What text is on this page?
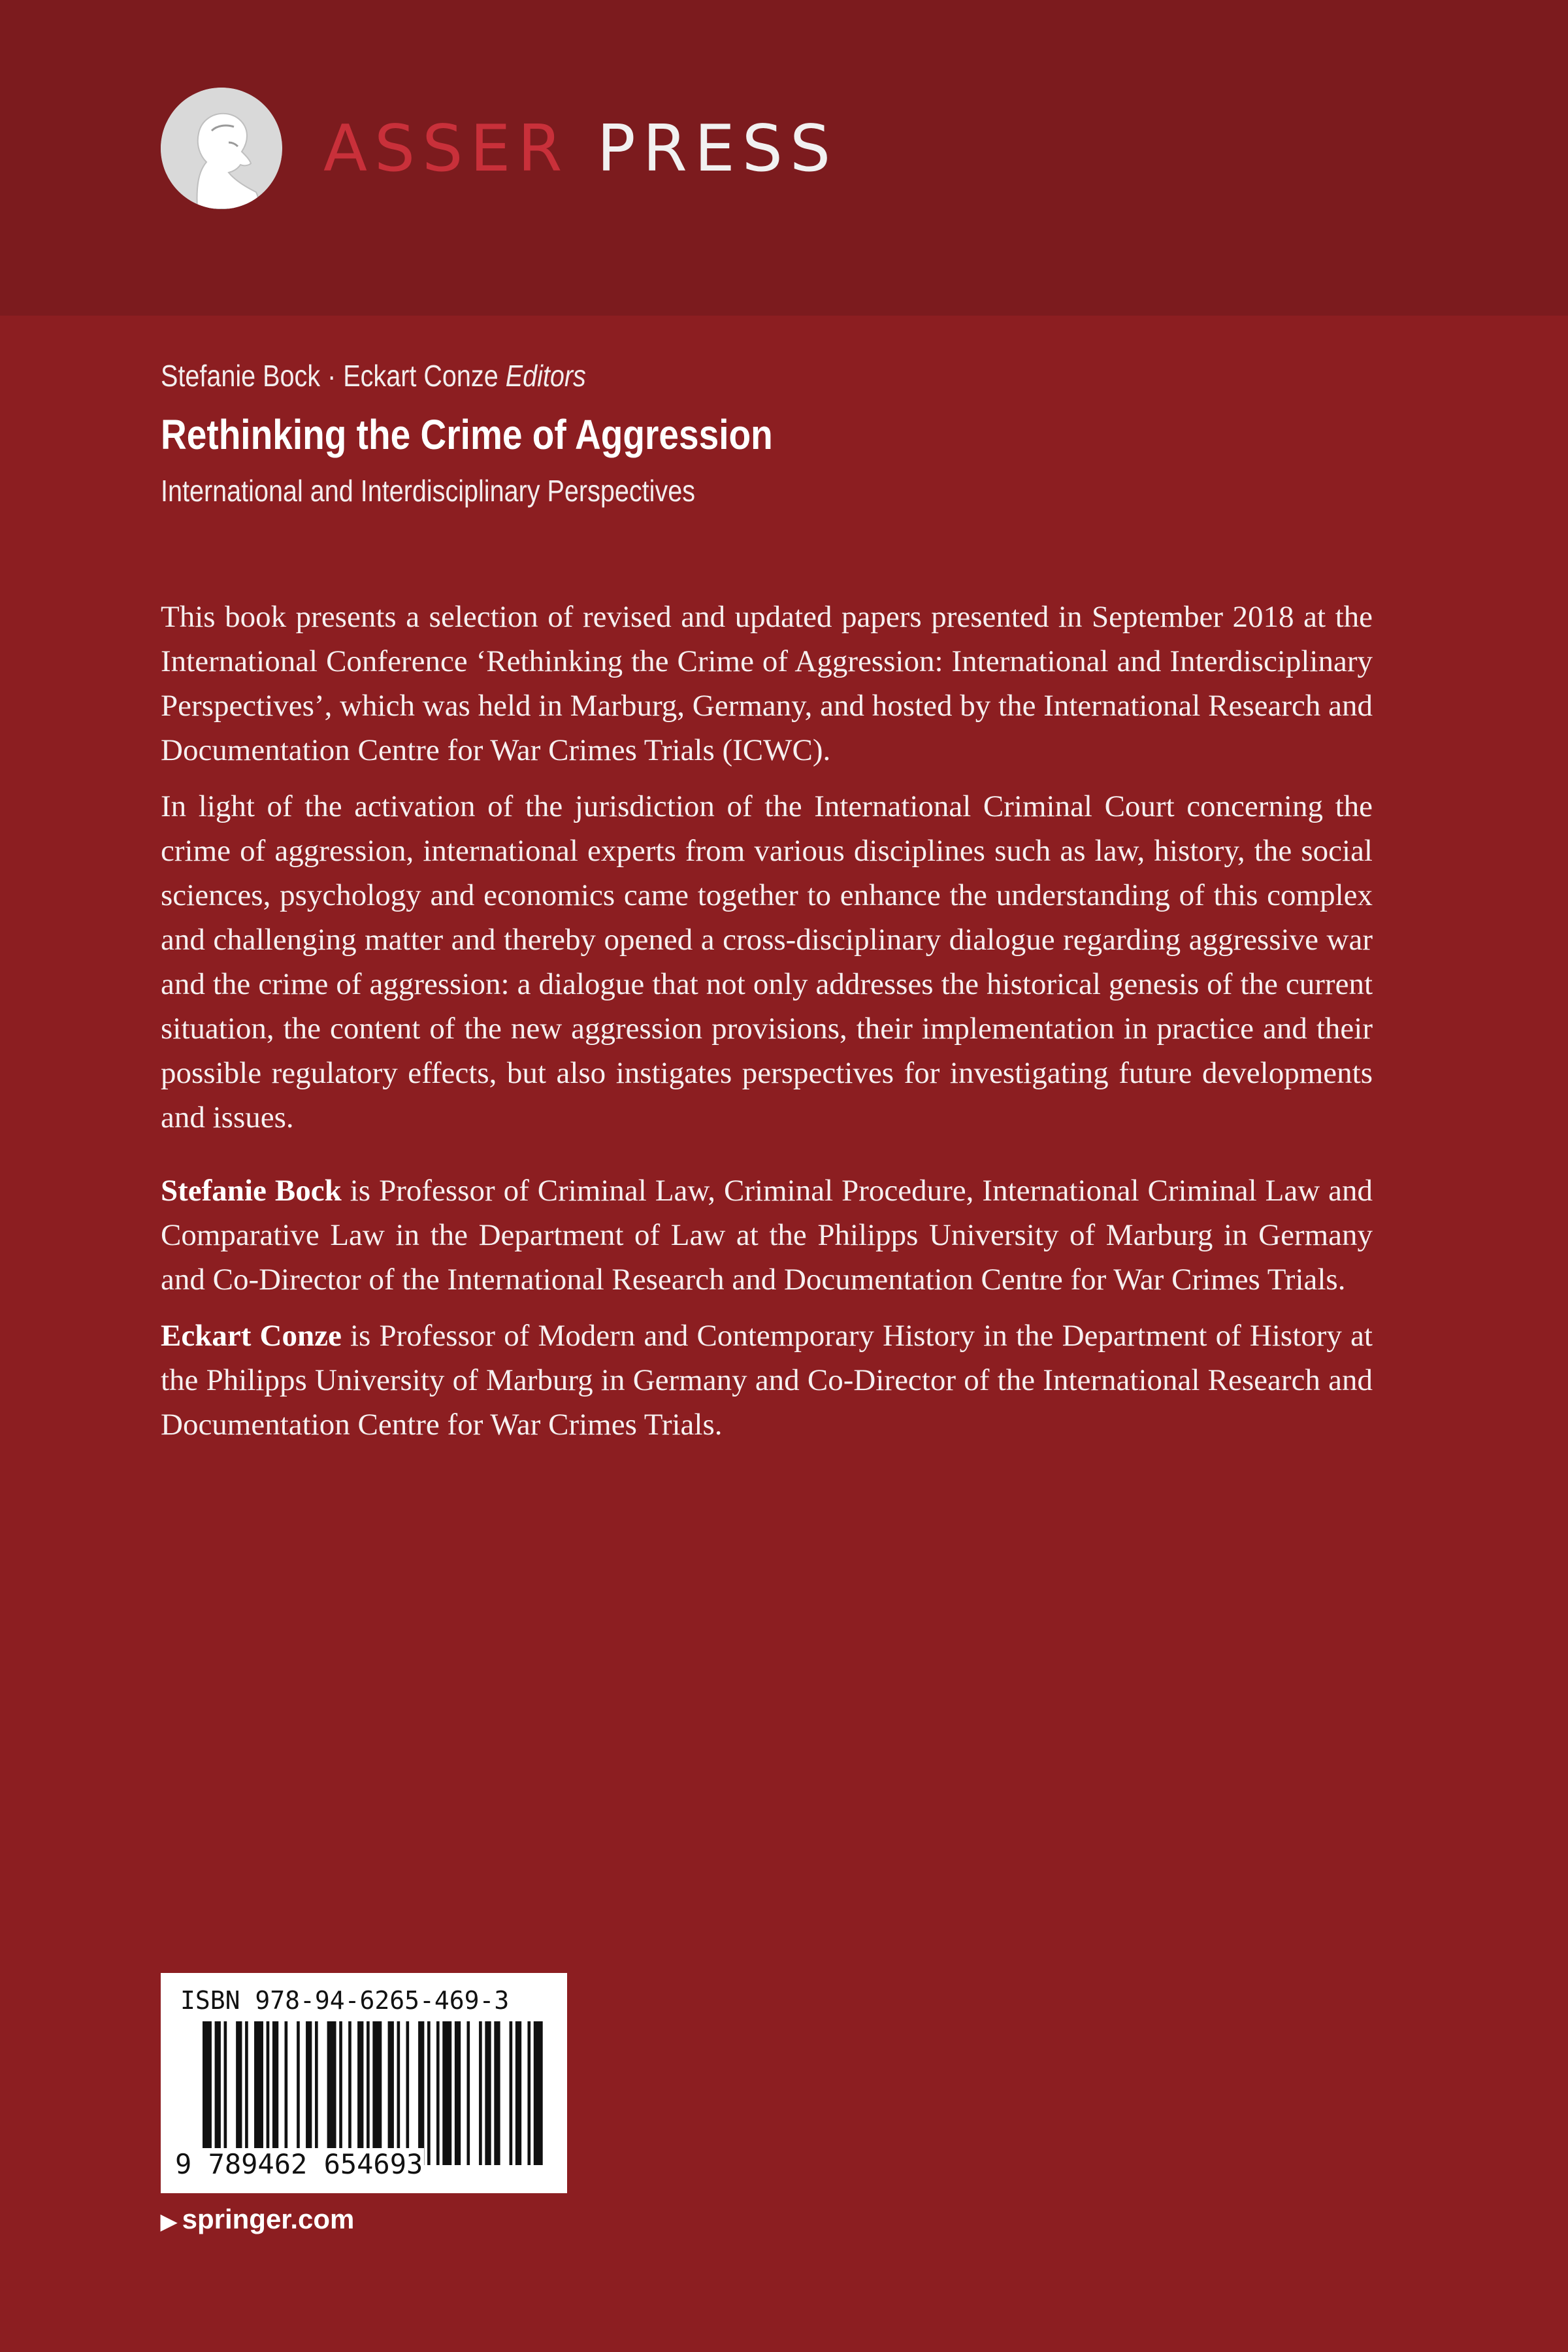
ASSER PRESS
Stefanie Bock · Eckart Conze Editors
Rethinking the Crime of Aggression
International and Interdisciplinary Perspectives

This book presents a selection of revised and updated papers presented in September 2018 at the International Conference ‘Rethinking the Crime of Aggression: International and Interdisciplinary Perspectives’, which was held in Marburg, Germany, and hosted by the International Research and Documentation Centre for War Crimes Trials (ICWC).

In light of the activation of the jurisdiction of the International Criminal Court concerning the crime of aggression, international experts from various disciplines such as law, history, the social sciences, psychology and economics came together to enhance the understanding of this complex and challenging matter and thereby opened a cross-disciplinary dialogue regarding aggressive war and the crime of aggression: a dialogue that not only addresses the historical genesis of the current situation, the content of the new aggression provisions, their implementation in practice and their possible regulatory effects, but also instigates perspectives for investigating future developments and issues.

Stefanie Bock is Professor of Criminal Law, Criminal Procedure, International Criminal Law and Comparative Law in the Department of Law at the Philipps University of Marburg in Germany and Co-Director of the International Research and Documentation Centre for War Crimes Trials.

Eckart Conze is Professor of Modern and Contemporary History in the Department of History at the Philipps University of Marburg in Germany and Co-Director of the International Research and Documentation Centre for War Crimes Trials.

ISBN 978-94-6265-469-3
9 789462 654693
▶ springer.com
